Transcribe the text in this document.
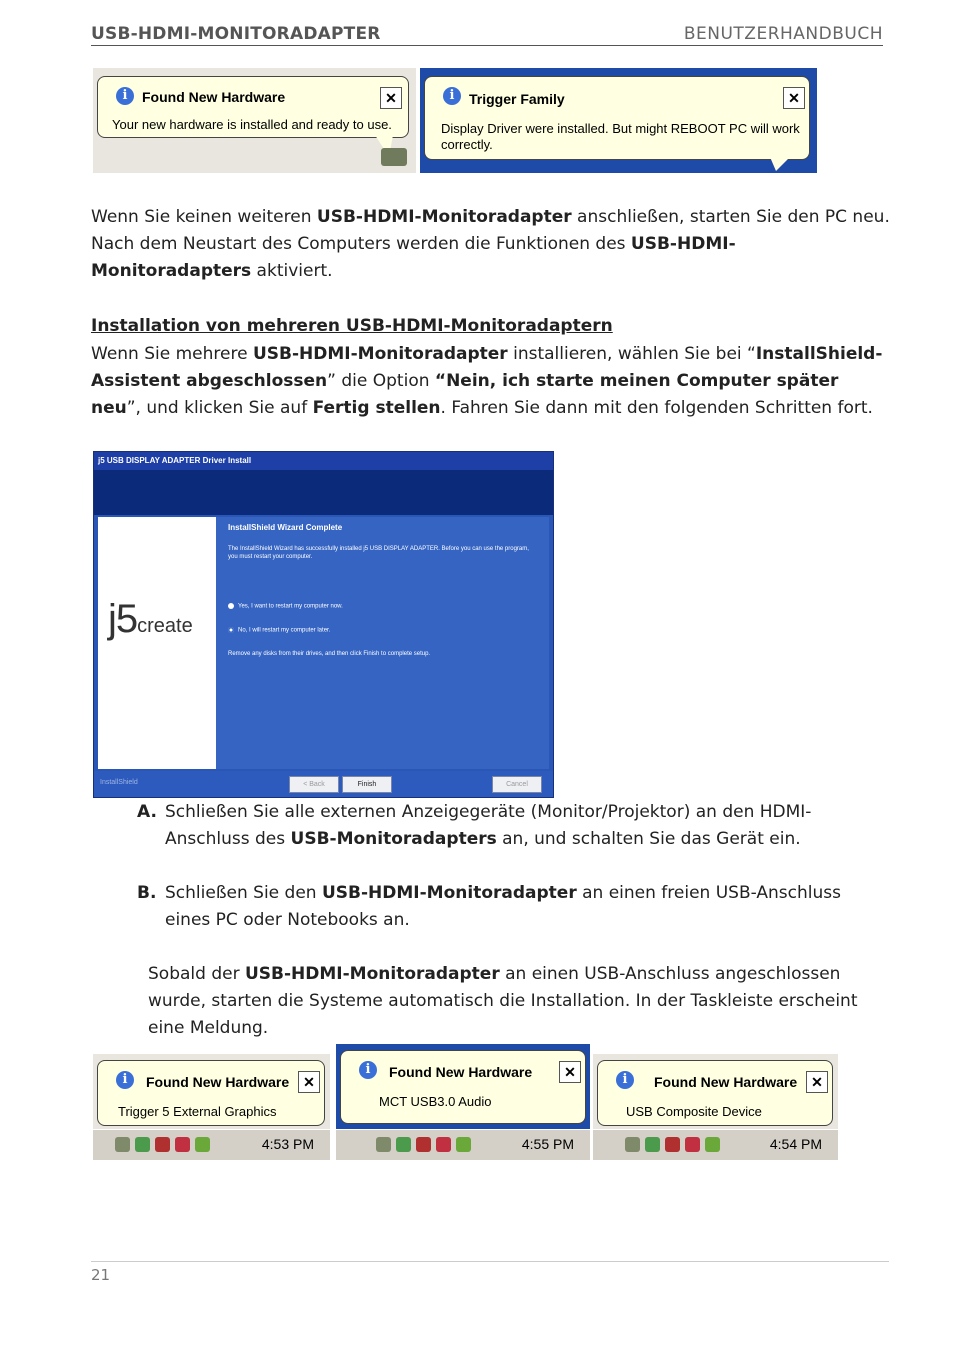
USB-HDMI-MONITORADAPTER	BENUTZERHANDBUCH
i	Found New Hardware	✕
Your new hardware is installed and ready to use.
i	Trigger Family	✕
Display Driver were installed. But might REBOOT PC will work correctly.
Wenn Sie keinen weiteren USB-HDMI-Monitoradapter anschließen, starten Sie den PC neu. Nach dem Neustart des Computers werden die Funktionen des USB-HDMI-Monitoradapters aktiviert.
Installation von mehreren USB-HDMI-Monitoradaptern
Wenn Sie mehrere USB-HDMI-Monitoradapter installieren, wählen Sie bei “InstallShield-Assistent abgeschlossen” die Option “Nein, ich starte meinen Computer später neu”, und klicken Sie auf Fertig stellen. Fahren Sie dann mit den folgenden Schritten fort.
j5 USB DISPLAY ADAPTER Driver Install
j5create
InstallShield Wizard Complete
The InstallShield Wizard has successfully installed j5 USB DISPLAY ADAPTER. Before you can use the program, you must restart your computer.
Yes, I want to restart my computer now.
No, I will restart my computer later.
Remove any disks from their drives, and then click Finish to complete setup.
InstallShield	< Back	Finish	Cancel
A. Schließen Sie alle externen Anzeigegeräte (Monitor/Projektor) an den HDMI-Anschluss des USB-Monitoradapters an, und schalten Sie das Gerät ein.
B. Schließen Sie den USB-HDMI-Monitoradapter an einen freien USB-Anschluss eines PC oder Notebooks an.
Sobald der USB-HDMI-Monitoradapter an einen USB-Anschluss angeschlossen wurde, starten die Systeme automatisch die Installation. In der Taskleiste erscheint eine Meldung.
i	Found New Hardware ✕
Trigger 5 External Graphics
4:53 PM
i	Found New Hardware	✕
MCT USB3.0 Audio
4:55 PM
i	Found New Hardware ✕
USB Composite Device
4:54 PM
21
